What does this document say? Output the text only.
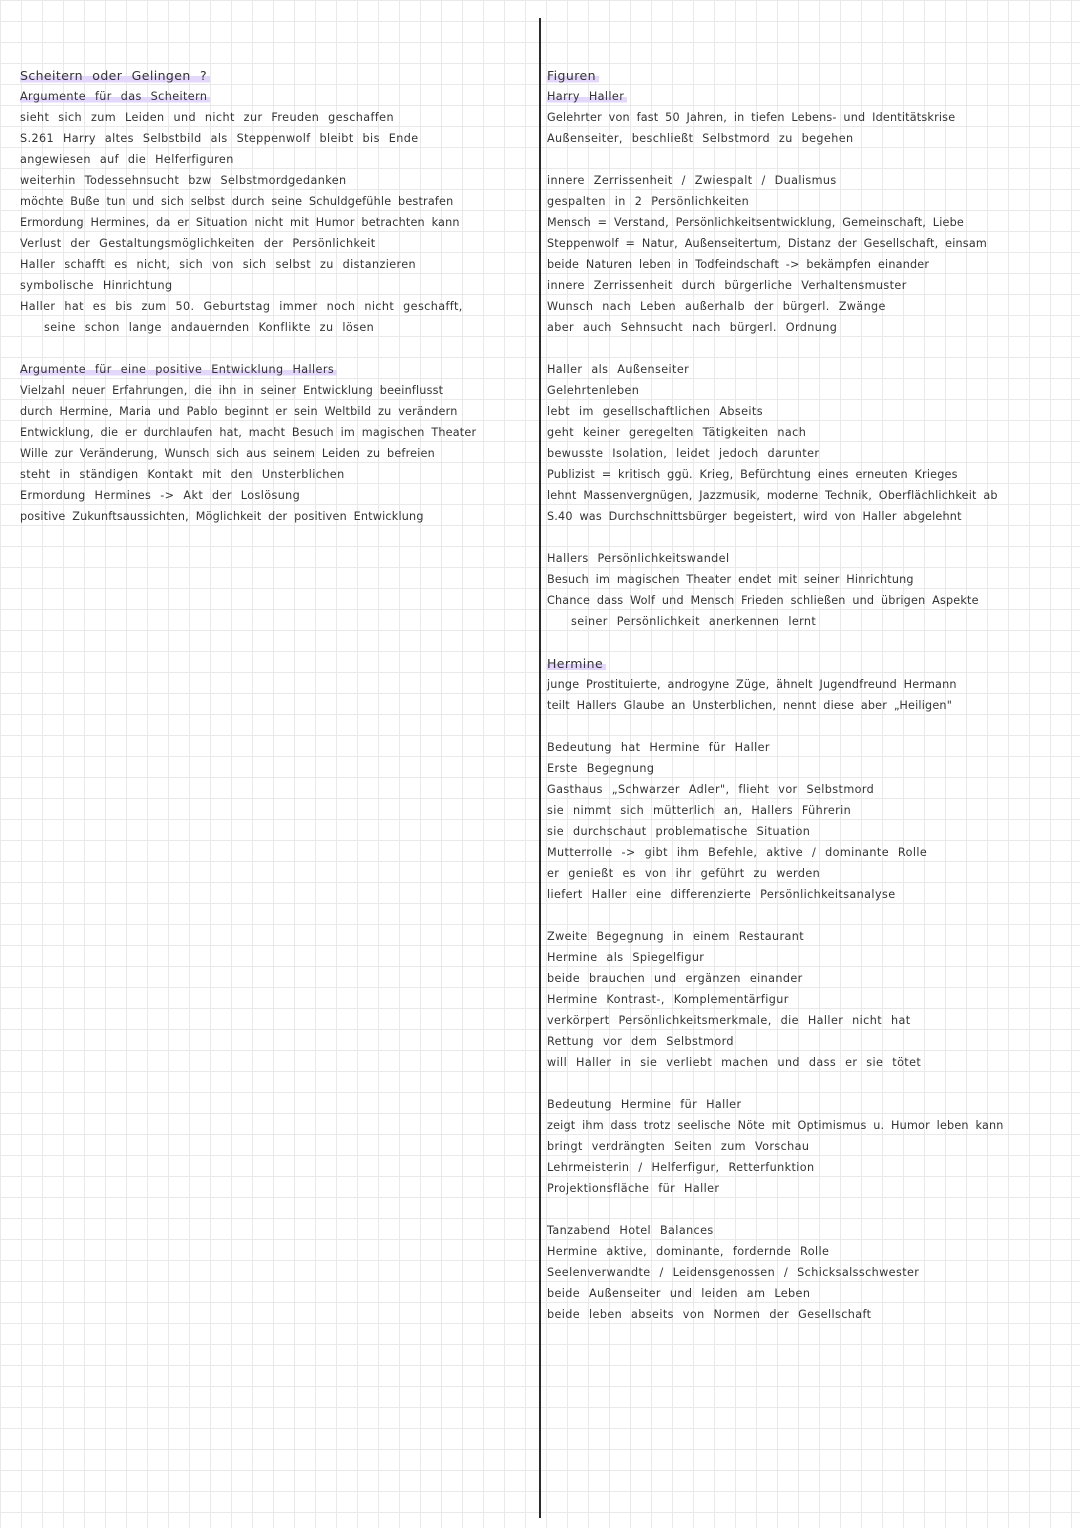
Scheitern oder Gelingen ?
Argumente für das Scheitern
sieht sich zum Leiden und nicht zur Freuden geschaffen
S.261 Harry altes Selbstbild als Steppenwolf bleibt bis Ende
angewiesen auf die Helferfiguren
weiterhin Todessehnsucht bzw Selbstmordgedanken
möchte Buße tun und sich selbst durch seine Schuldgefühle bestrafen
Ermordung Hermines, da er Situation nicht mit Humor betrachten kann
Verlust der Gestaltungsmöglichkeiten der Persönlichkeit
Haller schafft es nicht, sich von sich selbst zu distanzieren
symbolische Hinrichtung
Haller hat es bis zum 50. Geburtstag immer noch nicht geschafft,
seine schon lange andauernden Konflikte zu lösen
Argumente für eine positive Entwicklung Hallers
Vielzahl neuer Erfahrungen, die ihn in seiner Entwicklung beeinflusst
durch Hermine, Maria und Pablo beginnt er sein Weltbild zu verändern
Entwicklung, die er durchlaufen hat, macht Besuch im magischen Theater
Wille zur Veränderung, Wunsch sich aus seinem Leiden zu befreien
steht in ständigen Kontakt mit den Unsterblichen
Ermordung Hermines -> Akt der Loslösung
positive Zukunftsaussichten, Möglichkeit der positiven Entwicklung
Figuren
Harry Haller
Gelehrter von fast 50 Jahren, in tiefen Lebens- und Identitätskrise
Außenseiter, beschließt Selbstmord zu begehen
innere Zerrissenheit / Zwiespalt / Dualismus
gespalten in 2 Persönlichkeiten
Mensch = Verstand, Persönlichkeitsentwicklung, Gemeinschaft, Liebe
Steppenwolf = Natur, Außenseitertum, Distanz der Gesellschaft, einsam
beide Naturen leben in Todfeindschaft -> bekämpfen einander
innere Zerrissenheit durch bürgerliche Verhaltensmuster
Wunsch nach Leben außerhalb der bürgerl. Zwänge
aber auch Sehnsucht nach bürgerl. Ordnung
Haller als Außenseiter
Gelehrtenleben
lebt im gesellschaftlichen Abseits
geht keiner geregelten Tätigkeiten nach
bewusste Isolation, leidet jedoch darunter
Publizist = kritisch ggü. Krieg, Befürchtung eines erneuten Krieges
lehnt Massenvergnügen, Jazzmusik, moderne Technik, Oberflächlichkeit ab
S.40 was Durchschnittsbürger begeistert, wird von Haller abgelehnt
Hallers Persönlichkeitswandel
Besuch im magischen Theater endet mit seiner Hinrichtung
Chance dass Wolf und Mensch Frieden schließen und übrigen Aspekte
seiner Persönlichkeit anerkennen lernt
Hermine
junge Prostituierte, androgyne Züge, ähnelt Jugendfreund Hermann
teilt Hallers Glaube an Unsterblichen, nennt diese aber „Heiligen"
Bedeutung hat Hermine für Haller
Erste Begegnung
Gasthaus „Schwarzer Adler", flieht vor Selbstmord
sie nimmt sich mütterlich an, Hallers Führerin
sie durchschaut problematische Situation
Mutterrolle -> gibt ihm Befehle, aktive / dominante Rolle
er genießt es von ihr geführt zu werden
liefert Haller eine differenzierte Persönlichkeitsanalyse
Zweite Begegnung in einem Restaurant
Hermine als Spiegelfigur
beide brauchen und ergänzen einander
Hermine Kontrast-, Komplementärfigur
verkörpert Persönlichkeitsmerkmale, die Haller nicht hat
Rettung vor dem Selbstmord
will Haller in sie verliebt machen und dass er sie tötet
Bedeutung Hermine für Haller
zeigt ihm dass trotz seelische Nöte mit Optimismus u. Humor leben kann
bringt verdrängten Seiten zum Vorschau
Lehrmeisterin / Helferfigur, Retterfunktion
Projektionsfläche für Haller
Tanzabend Hotel Balances
Hermine aktive, dominante, fordernde Rolle
Seelenverwandte / Leidensgenossen / Schicksalsschwester
beide Außenseiter und leiden am Leben
beide leben abseits von Normen der Gesellschaft
